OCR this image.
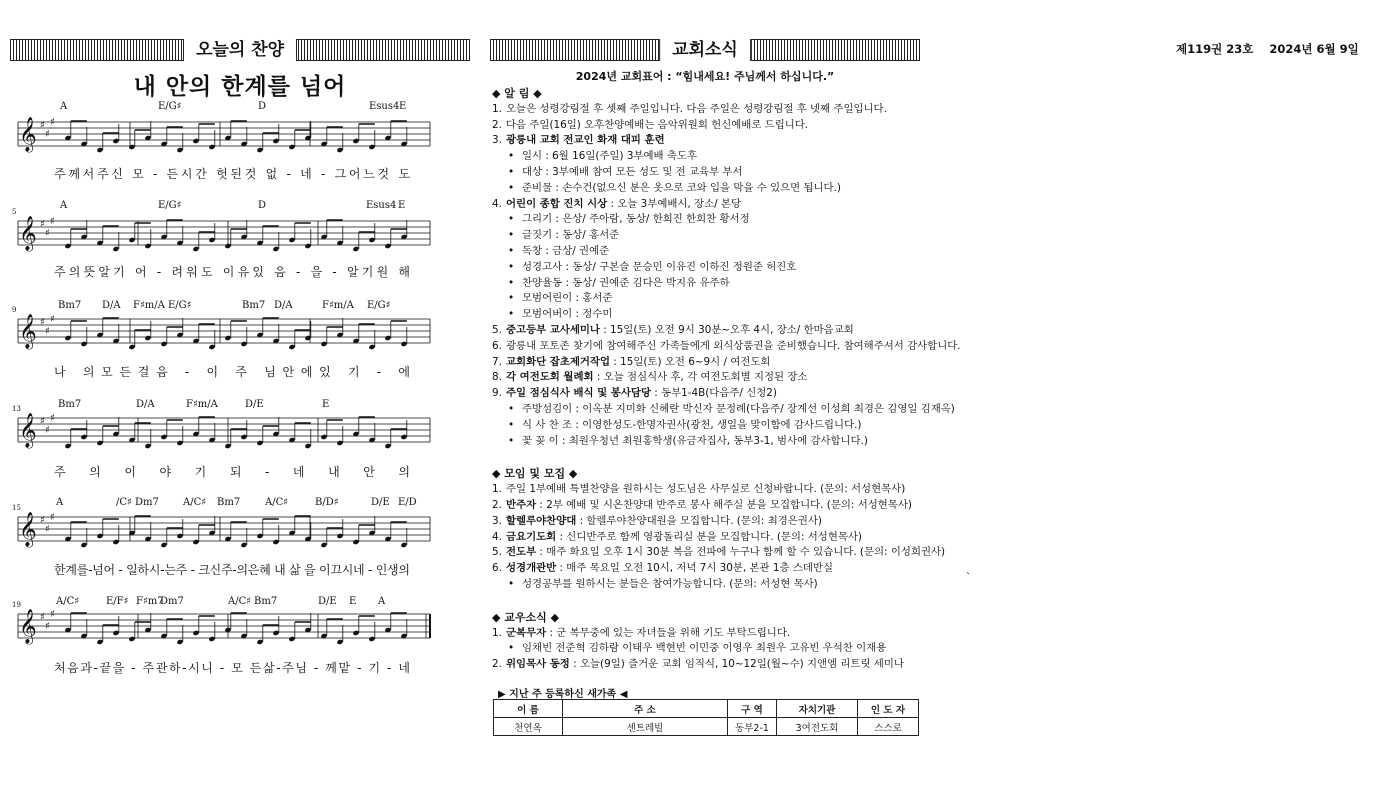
오늘의 찬양	교회소식	제119권 23호    2024년 6월 9일
내 안의 한계를 넘어
𝄞 ♯
♯
♯
A	E/G♯	D	Esus4 E
주께서주신 모 - 든시간 헛된것 없 - 네 - 그어느것 도
𝄞 ♯
♯
♯
5
A	E/G♯	D	Esus4 E
주의뜻알기 어 - 려워도 이유있 음 - 을 - 알기원 해
𝄞 ♯
♯
♯
9	Bm7 D/A F♯m/A E/G♯	Bm7 D/A	F♯m/A E/G♯
나 의모든걸음 - 이 주 님안에있 기 - 에
𝄞 ♯
♯
♯
13	Bm7	D/A	F♯m/A	D/E	E
주 의 이 야 기 되 - 네 내 안 의
𝄞 ♯
♯
♯
15	A	/C♯ Dm7 A/C♯ Bm7 A/C♯	B/D♯	D/E E/D
한계를-넘어 - 일하시-는주 - 크신주-의은혜 내 삶 을 이끄시네 - 인생의
𝄞 ♯
♯
♯
19	A/C♯	E/F♯ F♯m7
Dm7	A/C♯ Bm7	D/E E A
처음과-끝을 - 주관하-시니 - 모 든삶-주님 - 께맡 - 기 - 네
2024년 교회표어 : “힘내세요! 주님께서 하십니다.”
◆ 알 림 ◆
1. 오늘은 성령강림절 후 셋째 주일입니다. 다음 주일은 성령강림절 후 넷째 주일입니다.
2. 다음 주일(16일) 오후찬양예배는 음악위원회 헌신예배로 드립니다.
3. 광릉내 교회 전교인 화재 대피 훈련
• 일시 : 6월 16일(주일) 3부예배 축도후
• 대상 : 3부예배 참여 모든 성도 및 전 교육부 부서
• 준비물 : 손수건(없으신 분은 옷으로 코와 입을 막을 수 있으면 됩니다.)
4. 어린이 종합 진치 시상 : 오늘 3부예배시, 장소/ 본당
• 그리기 : 은상/ 주아람, 동상/ 한희진 한희찬 황서정
• 글짓기 : 동상/ 홍서준
• 독창 : 금상/ 권예준
• 성경고사 : 동상/ 구본슬 문승민 이유진 이하진 정원준 허진호
• 찬양율동 : 동상/ 권예준 김다은 박지유 유주하
• 모범어린이 : 홍서준
• 모범어버이 : 정수미
5. 중고등부 교사세미나 : 15일(토) 오전 9시 30분~오후 4시, 장소/ 한마음교회
6. 광릉내 포토존 찾기에 참여해주신 가족들에게 외식상품권을 준비했습니다. 참여해주셔서 감사합니다.
7. 교회화단 잡초제거작업 : 15일(토) 오전 6~9시 / 여전도회
8. 각 여전도회 월례회 : 오늘 점심식사 후, 각 여전도회별 지정된 장소
9. 주일 점심식사 배식 및 봉사담당 : 동부1-4B(다음주/ 신청2)
• 주방섬김이 : 이옥분 지미화 신혜란 박신자 문정례(다음주/ 장계선 이성희 최경은 김영일 김재옥)
• 식 사 찬 조 : 이영한성도-한명자권사(광천, 생일을 맞이함에 감사드립니다.)
• 꽃 꽂 이 : 최원우청년 최원홍학생(유금자집사, 동부3-1, 범사에 감사합니다.)
◆ 모임 및 모집 ◆
1. 주일 1부예배 특별찬양을 원하시는 성도님은 사무실로 신청바랍니다. (문의: 서성현목사)
2. 반주자 : 2부 예배 및 시온찬양대 반주로 봉사 해주실 분을 모집합니다. (문의: 서성현목사)
3. 할렐루야찬양대 : 할렐루야찬양대원을 모집합니다. (문의: 최경은권사)
4. 금요기도회 : 신디반주로 함께 영광돌리실 분을 모집합니다. (문의: 서성현목사)
5. 전도부 : 매주 화요일 오후 1시 30분 복음 전파에 누구나 함께 할 수 있습니다. (문의: 이성희권사)
6. 성경개관반 : 매주 목요일 오전 10시, 저녁 7시 30분, 본관 1층 스데반실
• 성경공부를 원하시는 분들은 참여가능합니다. (문의: 서성현 목사)
◆ 교우소식 ◆
1. 군복무자 : 군 복무중에 있는 자녀들을 위해 기도 부탁드립니다.
• 임채빈 전준혁 김하람 이태우 백현빈 이민중 이영우 최원우 고유빈 우석찬 이재용
2. 위임목사 동정 : 오늘(9일) 즐거운 교회 임직식, 10~12일(월~수) 지앤엠 리트릿 세미나
▶ 지난 주 등록하신 새가족 ◀
이 름	주 소	구 역	자치기관	인 도 자
천연옥	센트레빌	동부2-1	3여전도회	스스로
`
